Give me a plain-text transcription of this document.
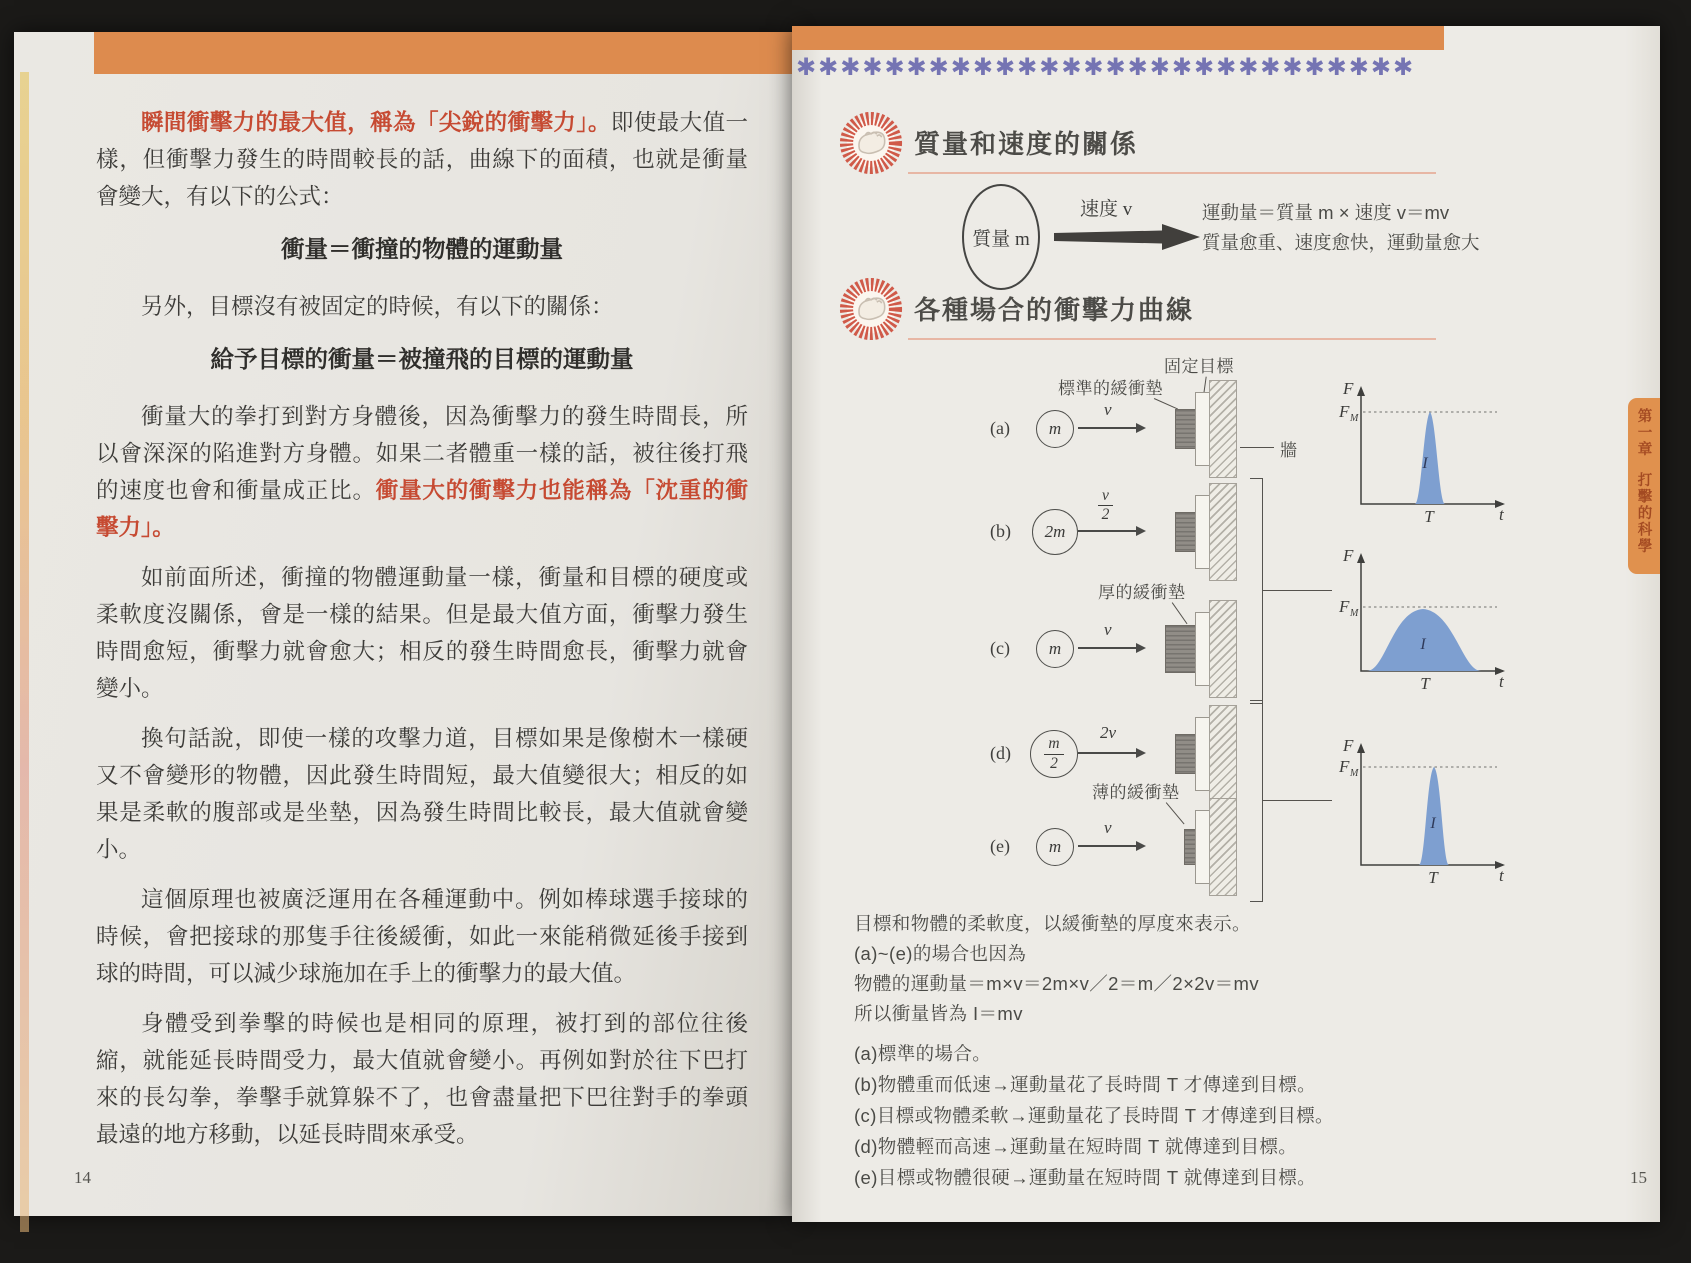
瞬間衝擊力的最大值，稱為「尖銳的衝擊力」。即使最大值一樣，但衝擊力發生的時間較長的話，曲線下的面積，也就是衝量會變大，有以下的公式：

衝量＝衝撞的物體的運動量

另外，目標沒有被固定的時候，有以下的關係：

給予目標的衝量＝被撞飛的目標的運動量

衝量大的拳打到對方身體後，因為衝擊力的發生時間長，所以會深深的陷進對方身體。如果二者體重一樣的話，被往後打飛的速度也會和衝量成正比。衝量大的衝擊力也能稱為「沈重的衝擊力」。

如前面所述，衝撞的物體運動量一樣，衝量和目標的硬度或柔軟度沒關係，會是一樣的結果。但是最大值方面，衝擊力發生時間愈短，衝擊力就會愈大；相反的發生時間愈長，衝擊力就會變小。

換句話說，即使一樣的攻擊力道，目標如果是像樹木一樣硬又不會變形的物體，因此發生時間短，最大值變很大；相反的如果是柔軟的腹部或是坐墊，因為發生時間比較長，最大值就會變小。

這個原理也被廣泛運用在各種運動中。例如棒球選手接球的時候，會把接球的那隻手往後緩衝，如此一來能稍微延後手接到球的時間，可以減少球施加在手上的衝擊力的最大值。

身體受到拳擊的時候也是相同的原理，被打到的部位往後縮，就能延長時間受力，最大值就會變小。再例如對於往下巴打來的長勾拳，拳擊手就算躲不了，也會盡量把下巴往對手的拳頭最遠的地方移動，以延長時間來承受。

14
✱✱✱✱✱✱✱✱✱✱✱✱✱✱✱✱✱✱✱✱✱✱✱✱✱✱✱✱
質量和速度的關係
質量 m
速度 v	運動量＝質量 m × 速度 v＝mv
質量愈重、速度愈快，運動量愈大
各種場合的衝擊力曲線
標準的緩衝墊
固定目標
牆
(a)	m
v
(b)	2m
$\frac{v}{2}$
厚的緩衝墊
(c)	m
v
$(d) \frac{m}{2}$
2v
薄的緩衝墊
(e)	m
v
F
F M
I
T	t
F
F M
I
T	t
F
F M
I
T	t
目標和物體的柔軟度，以緩衝墊的厚度來表示。
(a)~(e)的場合也因為
物體的運動量＝m×v＝2m×v／2＝m／2×2v＝mv
所以衝量皆為 I＝mv
(a)標準的場合。
(b)物體重而低速→運動量花了長時間 T 才傳達到目標。
(c)目標或物體柔軟→運動量花了長時間 T 才傳達到目標。
(d)物體輕而高速→運動量在短時間 T 就傳達到目標。
(e)目標或物體很硬→運動量在短時間 T 就傳達到目標。
第一章
打擊的科學
15
